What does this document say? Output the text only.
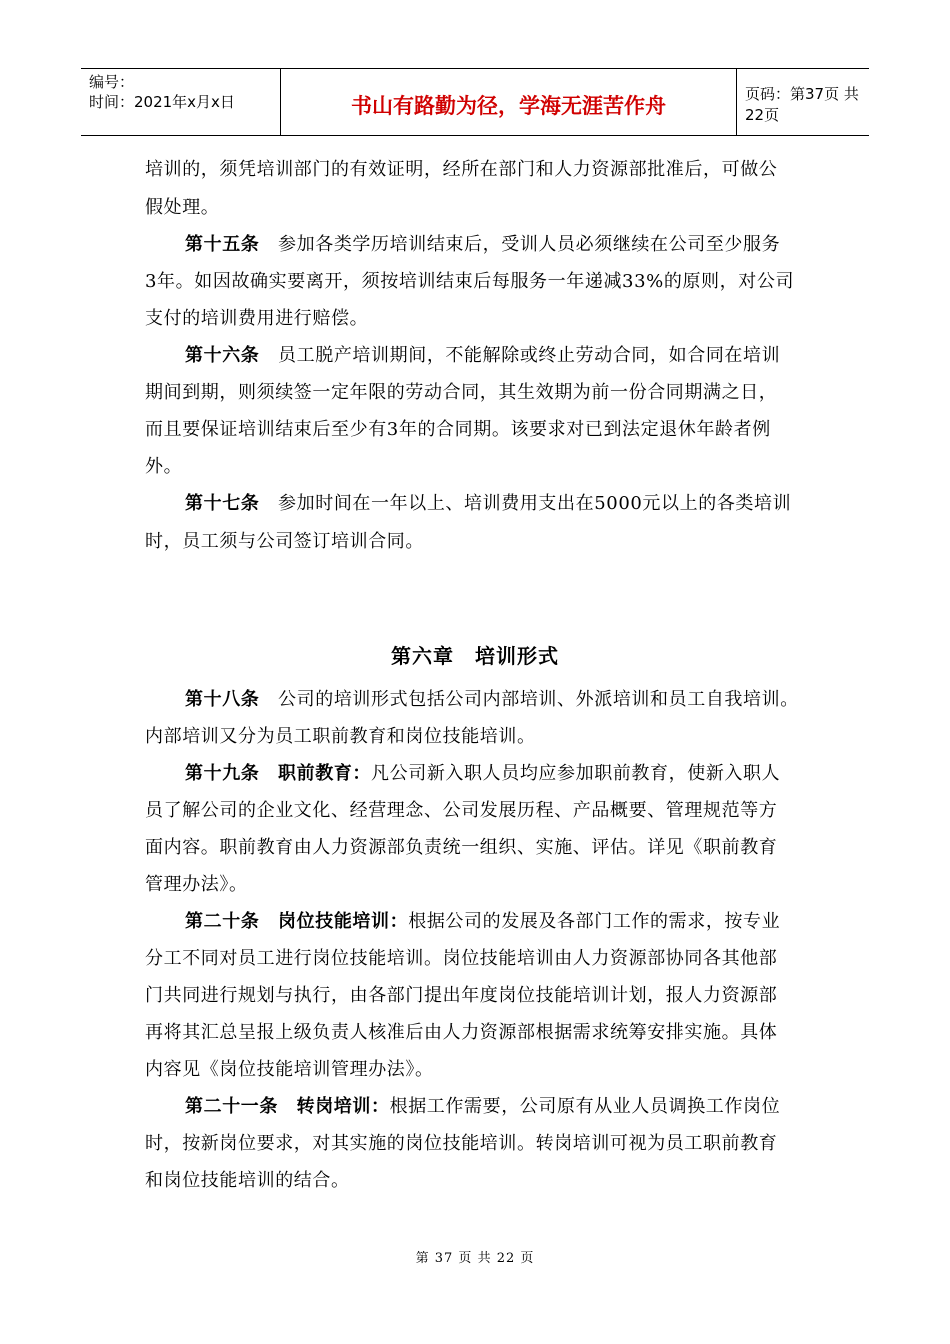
编号：
时间：2021年x月x日	书山有路勤为径，学海无涯苦作舟	页码：第37页 共22页
培训的，须凭培训部门的有效证明，经所在部门和人力资源部批准后，可做公
假处理。
第十五条　 参加各类学历培训结束后，受训人员必须继续在公司至少服务
3年。如因故确实要离开，须按培训结束后每服务一年递减33%的原则，对公司
支付的培训费用进行赔偿。
第十六条　 员工脱产培训期间，不能解除或终止劳动合同，如合同在培训
期间到期，则须续签一定年限的劳动合同，其生效期为前一份合同期满之日，
而且要保证培训结束后至少有3年的合同期。该要求对已到法定退休年龄者例
外。
第十七条　 参加时间在一年以上、培训费用支出在5000元以上的各类培训
时，员工须与公司签订培训合同。
第六章　培训形式
第十八条　 公司的培训形式包括公司内部培训、外派培训和员工自我培训。
内部培训又分为员工职前教育和岗位技能培训。
第十九条　 职前教育：凡公司新入职人员均应参加职前教育，使新入职人
员了解公司的企业文化、经营理念、公司发展历程、产品概要、管理规范等方
面内容。职前教育由人力资源部负责统一组织、实施、评估。详见《职前教育
管理办法》。
第二十条　 岗位技能培训：根据公司的发展及各部门工作的需求，按专业
分工不同对员工进行岗位技能培训。岗位技能培训由人力资源部协同各其他部
门共同进行规划与执行，由各部门提出年度岗位技能培训计划，报人力资源部
再将其汇总呈报上级负责人核准后由人力资源部根据需求统筹安排实施。具体
内容见《岗位技能培训管理办法》。
第二十一条　 转岗培训：根据工作需要，公司原有从业人员调换工作岗位
时，按新岗位要求，对其实施的岗位技能培训。转岗培训可视为员工职前教育
和岗位技能培训的结合。
第 37 页 共 22 页
